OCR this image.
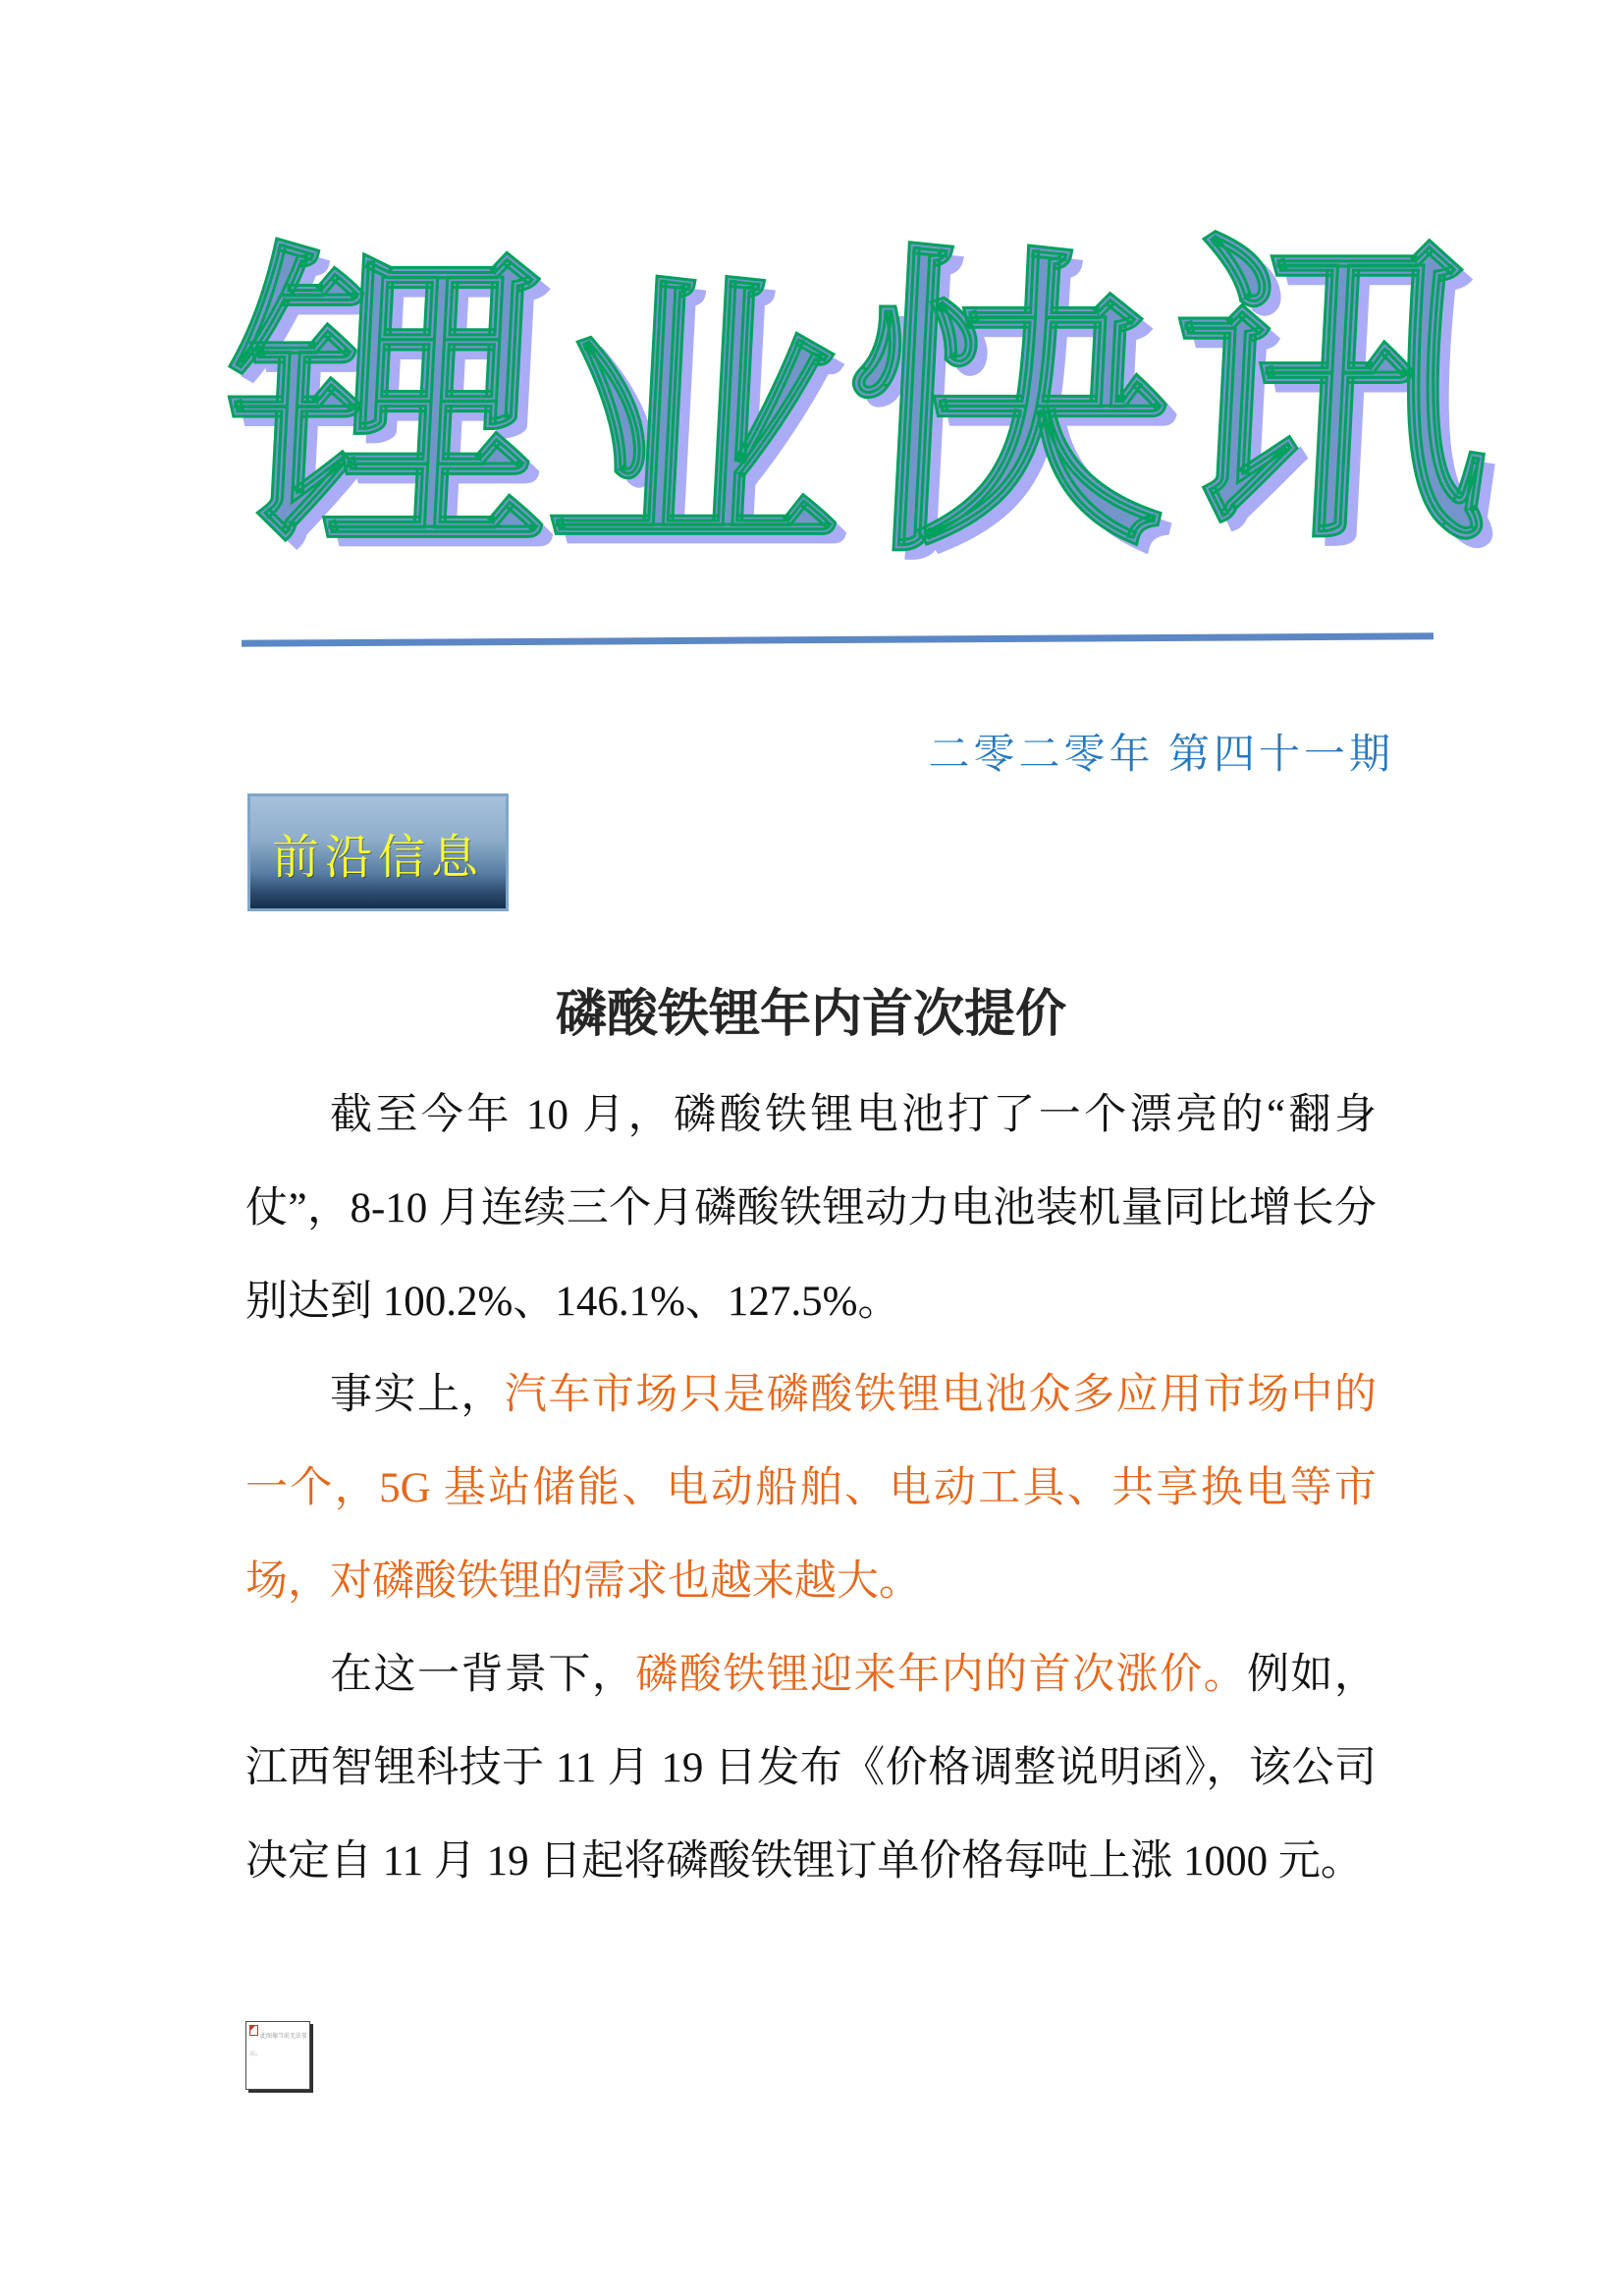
锂
业
快
讯
二零二零年 第四十一期
前沿信息
磷酸铁锂年内首次提价

截至今年 10 月，磷酸铁锂电池打了一个漂亮的“翻身仗”，8-10 月连续三个月磷酸铁锂动力电池装机量同比增长分别达到 100.2%、146.1%、127.5%。

事实上，汽车市场只是磷酸铁锂电池众多应用市场中的一个，5G 基站储能、电动船舶、电动工具、共享换电等市场，对磷酸铁锂的需求也越来越大。

在这一背景下，磷酸铁锂迎来年内的首次涨价。例如，江西智锂科技于 11 月 19 日发布《价格调整说明函》，该公司决定自 11 月 19 日起将磷酸铁锂订单价格每吨上涨 1000 元。

此图像当前无法显示。
